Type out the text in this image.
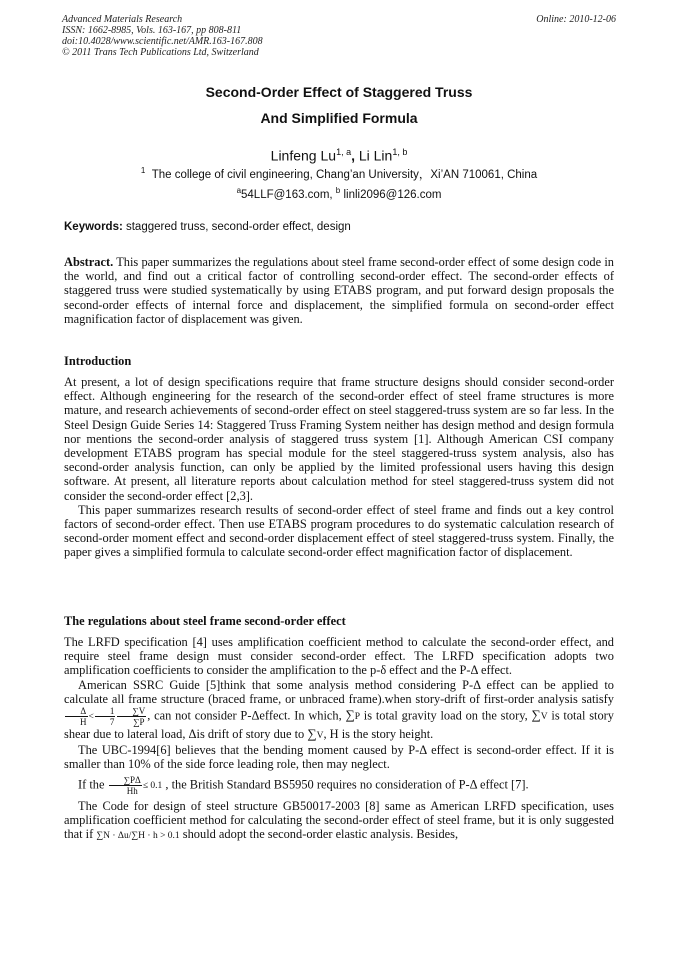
Advanced Materials Research
ISSN: 1662-8985, Vols. 163-167, pp 808-811
doi:10.4028/www.scientific.net/AMR.163-167.808
© 2011 Trans Tech Publications Ltd, Switzerland
Online: 2010-12-06
Second-Order Effect of Staggered Truss
And Simplified Formula
Linfeng Lu$^{1, a}$, Li Lin$^{1, b}$
$^1$ The college of civil engineering, Chang’an University，Xi’AN 710061, China
$^a$54LLF@163.com, $^b$ linli2096@126.com
Keywords: staggered truss, second-order effect, design

Abstract. This paper summarizes the regulations about steel frame second-order effect of some design code in the world, and find out a critical factor of controlling second-order effect. The second-order effects of staggered truss were studied systematically by using ETABS program, and put forward design proposals the second-order effects of internal force and displacement, the simplified formula on second-order effect magnification factor of displacement was given.

Introduction

At present, a lot of design specifications require that frame structure designs should consider second-order effect. Although engineering for the research of the second-order effect of steel frame structures is more mature, and research achievements of second-order effect on steel staggered-truss system are so far less. In the Steel Design Guide Series 14: Staggered Truss Framing System neither has design method and design formula nor mentions the second-order analysis of staggered truss system [1]. Although American CSI company development ETABS program has special module for the steel staggered-truss system analysis, also has second-order analysis function, can only be applied by the limited professional users having this design software. At present, all literature reports about calculation method for steel staggered-truss system did not consider the second-order effect [2,3].

This paper summarizes research results of second-order effect of steel frame and finds out a key control factors of second-order effect. Then use ETABS program procedures to do systematic calculation research of second-order moment effect and second-order displacement effect of steel staggered-truss system. Finally, the paper gives a simplified formula to calculate second-order effect magnification factor of displacement.

The regulations about steel frame second-order effect

The LRFD specification [4] uses amplification coefficient method to calculate the second-order effect, and require steel frame design must consider second-order effect. The LRFD specification adopts two amplification coefficients to consider the amplification to the p-δ effect and the P-Δ effect.

American SSRC Guide [5]think that some analysis method considering P-Δ effect can be applied to calculate all frame structure (braced frame, or unbraced frame).when story-drift of first-order analysis satisfy
$\frac{\Delta}{H} < \frac{1}{7} \frac{\sum V}{\sum P}$ , can not consider P-Δeffect. In which, ∑P is total gravity load on the story, ∑V is total story shear due to lateral load, Δis drift of story due to ∑V, H is the story height.

The UBC-1994[6] believes that the bending moment caused by P-Δ effect is second-order effect. If it is smaller than 10% of the side force leading role, then may neglect.

If the $\frac{\sum P\Delta}{Hh} \le 0.1$ , the British Standard BS5950 requires no consideration of P-Δ effect [7].

The Code for design of steel structure GB50017-2003 [8] same as American LRFD specification, uses amplification coefficient method for calculating the second-order effect of steel frame, but it is only suggested that if ∑N · Δu/∑H · h > 0.1 should adopt the second-order elastic analysis. Besides,
